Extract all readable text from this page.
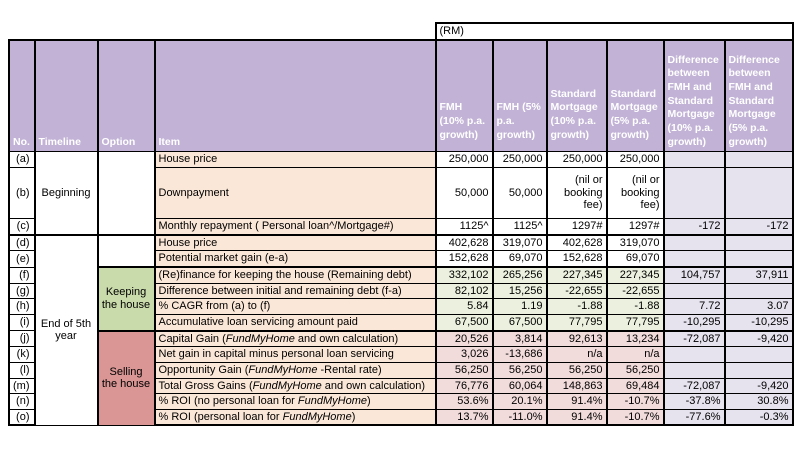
				(RM)					
No.	Timeline	Option	Item	FMH (10% p.a. growth)	FMH (5% p.a. growth)	Standard Mortgage (10% p.a. growth)	Standard Mortgage (5% p.a. growth)	Difference between FMH and Standard Mortgage (10% p.a. growth)	Difference between FMH and Standard Mortgage (5% p.a. growth)
(a)	Beginning		House price	250,000	250,000	250,000	250,000		
(b)			Downpayment	50,000	50,000	(nil or booking fee)	(nil or booking fee)		
(c)			Monthly repayment ( Personal loan^/Mortgage#)	1125^	1125^	1297#	1297#	-172	-172
(d)	End of 5th year		House price	402,628	319,070	402,628	319,070		
(e)			Potential market gain (e-a)	152,628	69,070	152,628	69,070		
(f)		Keeping the house	(Re)finance for keeping the house (Remaining debt)	332,102	265,256	227,345	227,345	104,757	37,911
(g)			Difference between initial and remaining debt (f-a)	82,102	15,256	-22,655	-22,655		
(h)			% CAGR from (a) to (f)	5.84	1.19	-1.88	-1.88	7.72	3.07
(i)			Accumulative loan servicing amount paid	67,500	67,500	77,795	77,795	-10,295	-10,295
(j)		Selling the house	Capital Gain (FundMyHome and own calculation)	20,526	3,814	92,613	13,234	-72,087	-9,420
(k)			Net gain in capital minus personal loan servicing	3,026	-13,686	n/a	n/a		
(l)			Opportunity Gain (FundMyHome -Rental rate)	56,250	56,250	56,250	56,250		
(m)			Total Gross Gains (FundMyHome and own calculation)	76,776	60,064	148,863	69,484	-72,087	-9,420
(n)			% ROI (no personal loan for FundMyHome)	53.6%	20.1%	91.4%	-10.7%	-37.8%	30.8%
(o)			% ROI (personal loan for FundMyHome)	13.7%	-11.0%	91.4%	-10.7%	-77.6%	-0.3%
